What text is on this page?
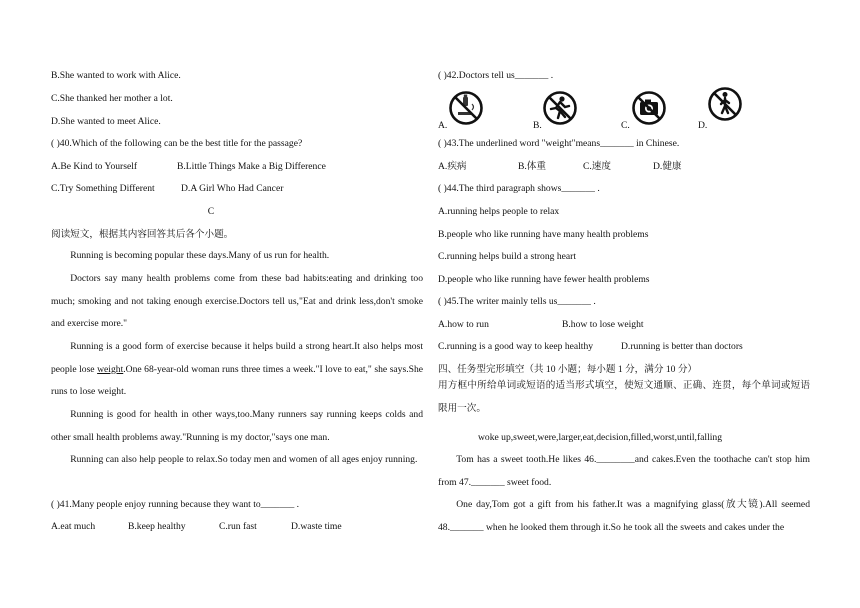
B.She wanted to work with Alice.
C.She thanked her mother a lot.
D.She wanted to meet Alice.
( )40.Which of the following can be the best title for the passage?
A.Be Kind to Yourself	B.Little Things Make a Big Difference
C.Try Something Different	D.A Girl Who Had Cancer
C
阅读短文，根据其内容回答其后各个小题。
Running is becoming popular these days.Many of us run for health.
Doctors say many health problems come from these bad habits:eating and drinking too much; smoking and not taking enough exercise.Doctors tell us,"Eat and drink less,don't smoke and exercise more."
Running is a good form of exercise because it helps build a strong heart.It also helps most people lose weight.One 68-year-old woman runs three times a week."I love to eat," she says.She runs to lose weight.
Running is good for health in other ways,too.Many runners say running keeps colds and other small health problems away."Running is my doctor,"says one man.
Running can also help people to relax.So today men and women of all ages enjoy running.
( )41.Many people enjoy running because they want to_______ .
A.eat much	B.keep healthy	C.run fast	D.waste time
( )42.Doctors tell us_______ .
A.	B.	C.	D.
( )43.The underlined word "weight"means_______ in Chinese.
A.疾病	B.体重	C.速度	D.健康
( )44.The third paragraph shows_______ .
A.running helps people to relax
B.people who like running have many health problems
C.running helps build a strong heart
D.people who like running have fewer health problems
( )45.The writer mainly tells us_______ .
A.how to run	B.how to lose weight
C.running is a good way to keep healthy	D.running is better than doctors
四、任务型完形填空（共 10 小题；每小题 1 分，满分 10 分）
用方框中所给单词或短语的适当形式填空，使短文通顺、正确、连贯，每个单词或短语限用一次。
woke up,sweet,were,larger,eat,decision,filled,worst,until,falling
Tom has a sweet tooth.He likes 46.________and cakes.Even the toothache can't stop him from 47._______ sweet food.
One day,Tom got a gift from his father.It was a magnifying glass(放大镜).All seemed 48._______ when he looked them through it.So he took all the sweets and cakes under the
